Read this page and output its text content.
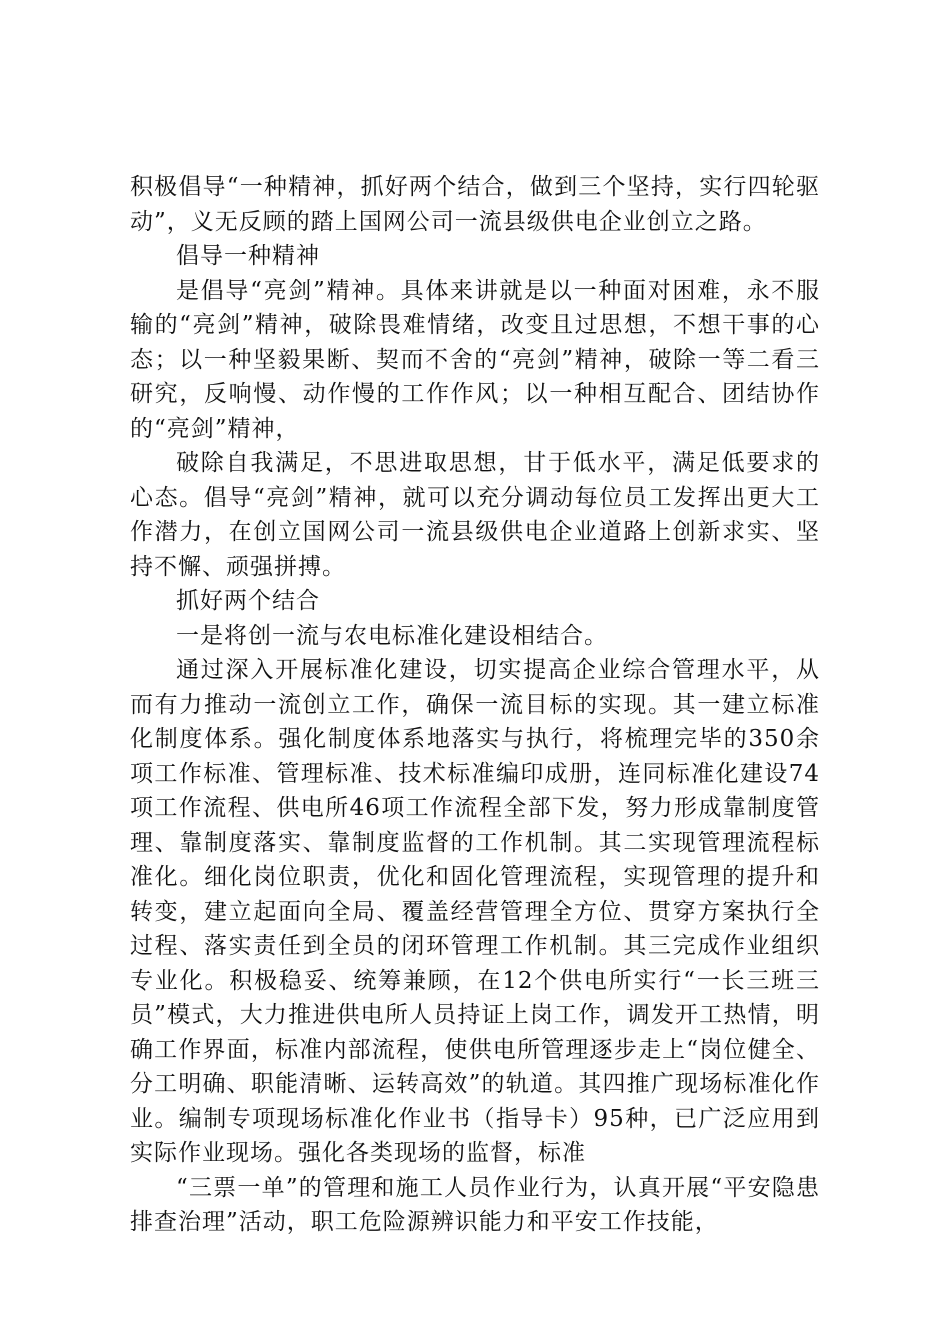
积极倡导“一种精神，抓好两个结合，做到三个坚持，实行四轮驱动”，义无反顾的踏上国网公司一流县级供电企业创立之路。

倡导一种精神

是倡导“亮剑”精神。具体来讲就是以一种面对困难，永不服输的“亮剑”精神，破除畏难情绪，改变且过思想，不想干事的心态；以一种坚毅果断、契而不舍的“亮剑”精神，破除一等二看三研究，反响慢、动作慢的工作作风；以一种相互配合、团结协作的“亮剑”精神，

破除自我满足，不思进取思想，甘于低水平，满足低要求的心态。倡导“亮剑”精神，就可以充分调动每位员工发挥出更大工作潜力，在创立国网公司一流县级供电企业道路上创新求实、坚持不懈、顽强拼搏。

抓好两个结合

一是将创一流与农电标准化建设相结合。

通过深入开展标准化建设，切实提高企业综合管理水平，从而有力推动一流创立工作，确保一流目标的实现。其一建立标准化制度体系。强化制度体系地落实与执行，将梳理完毕的350余项工作标准、管理标准、技术标准编印成册，连同标准化建设74项工作流程、供电所46项工作流程全部下发，努力形成靠制度管理、靠制度落实、靠制度监督的工作机制。其二实现管理流程标准化。细化岗位职责，优化和固化管理流程，实现管理的提升和转变，建立起面向全局、覆盖经营管理全方位、贯穿方案执行全过程、落实责任到全员的闭环管理工作机制。其三完成作业组织专业化。积极稳妥、统筹兼顾，在12个供电所实行“一长三班三员”模式，大力推进供电所人员持证上岗工作，调发开工热情，明确工作界面，标准内部流程，使供电所管理逐步走上“岗位健全、分工明确、职能清晰、运转高效”的轨道。其四推广现场标准化作业。编制专项现场标准化作业书（指导卡）95种，已广泛应用到实际作业现场。强化各类现场的监督，标准

“三票一单”的管理和施工人员作业行为，认真开展“平安隐患排查治理”活动，职工危险源辨识能力和平安工作技能，
